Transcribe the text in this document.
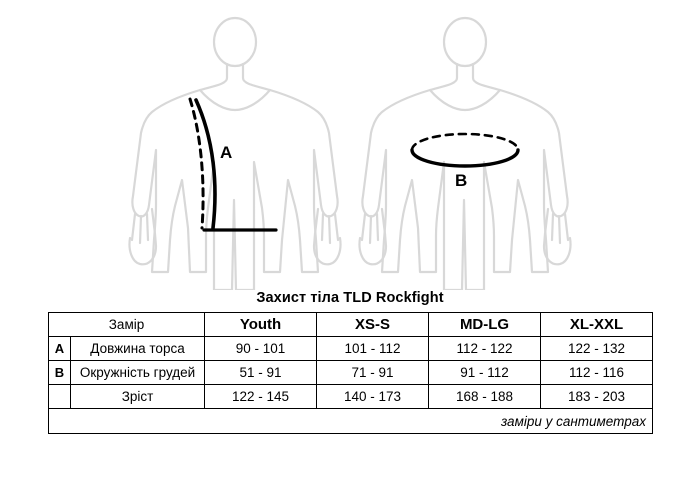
A
B
Захист тіла TLD Rockfight
Замір		Youth	XS-S	MD-LG	XL-XXL
A	Довжина торса	90 - 101	101 - 112	112 - 122	122 - 132
B	Окружність грудей	51 - 91	71 - 91	91 - 112	112 - 116
	Зріст	122 - 145	140 - 173	168 - 188	183 - 203
заміри у сантиметрах					
